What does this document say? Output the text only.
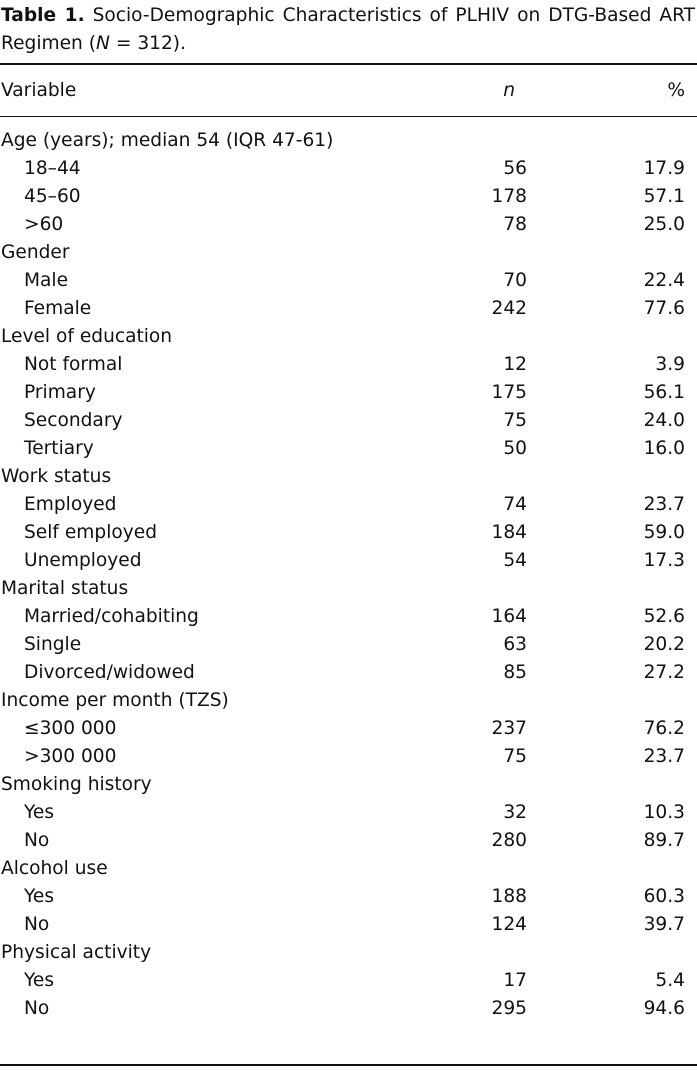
Table 1. Socio-Demographic Characteristics of PLHIV on DTG-Based ART Regimen (N = 312).
Variable	n	%
Age (years); median 54 (IQR 47-61)
18–44	56	17.9
45–60	178	57.1
>60	78	25.0
Gender
Male	70	22.4
Female	242	77.6
Level of education
Not formal	12	3.9
Primary	175	56.1
Secondary	75	24.0
Tertiary	50	16.0
Work status
Employed	74	23.7
Self employed	184	59.0
Unemployed	54	17.3
Marital status
Married/cohabiting	164	52.6
Single	63	20.2
Divorced/widowed	85	27.2
Income per month (TZS)
≤300 000	237	76.2
>300 000	75	23.7
Smoking history
Yes	32	10.3
No	280	89.7
Alcohol use
Yes	188	60.3
No	124	39.7
Physical activity
Yes	17	5.4
No	295	94.6
